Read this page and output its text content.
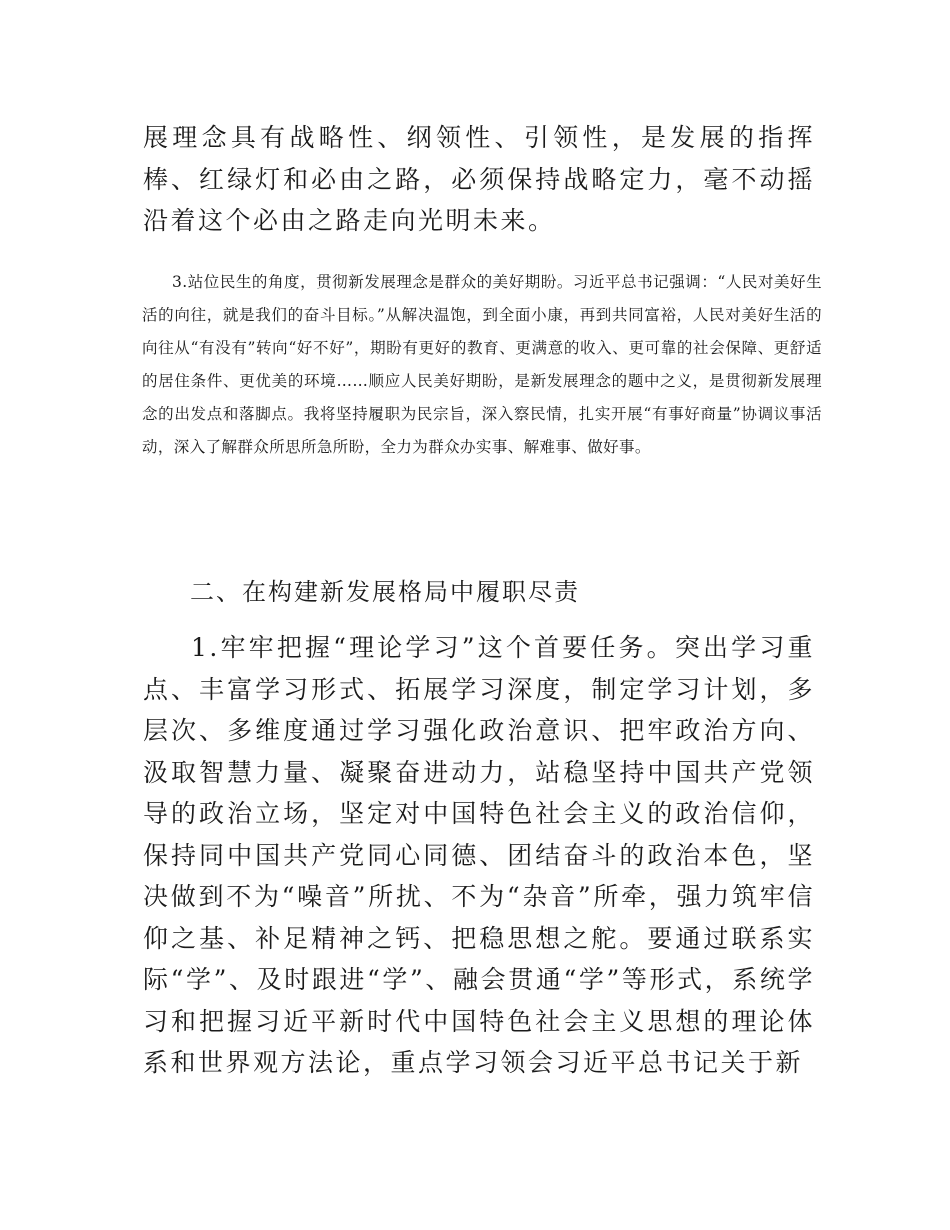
展理念具有战略性、纲领性、引领性，是发展的指挥棒、红绿灯和必由之路，必须保持战略定力，毫不动摇沿着这个必由之路走向光明未来。

3.站位民生的角度，贯彻新发展理念是群众的美好期盼。习近平总书记强调：“人民对美好生活的向往，就是我们的奋斗目标。”从解决温饱，到全面小康，再到共同富裕，人民对美好生活的向往从“有没有”转向“好不好”，期盼有更好的教育、更满意的收入、更可靠的社会保障、更舒适的居住条件、更优美的环境……顺应人民美好期盼，是新发展理念的题中之义，是贯彻新发展理念的出发点和落脚点。我将坚持履职为民宗旨，深入察民情，扎实开展“有事好商量”协调议事活动，深入了解群众所思所急所盼，全力为群众办实事、解难事、做好事。

二、在构建新发展格局中履职尽责

1.牢牢把握“理论学习”这个首要任务。突出学习重点、丰富学习形式、拓展学习深度，制定学习计划，多层次、多维度通过学习强化政治意识、把牢政治方向、汲取智慧力量、凝聚奋进动力，站稳坚持中国共产党领导的政治立场，坚定对中国特色社会主义的政治信仰，保持同中国共产党同心同德、团结奋斗的政治本色，坚决做到不为“噪音”所扰、不为“杂音”所牵，强力筑牢信仰之基、补足精神之钙、把稳思想之舵。要通过联系实际“学”、及时跟进“学”、融会贯通“学”等形式，系统学习和把握习近平新时代中国特色社会主义思想的理论体系和世界观方法论，重点学习领会习近平总书记关于新
